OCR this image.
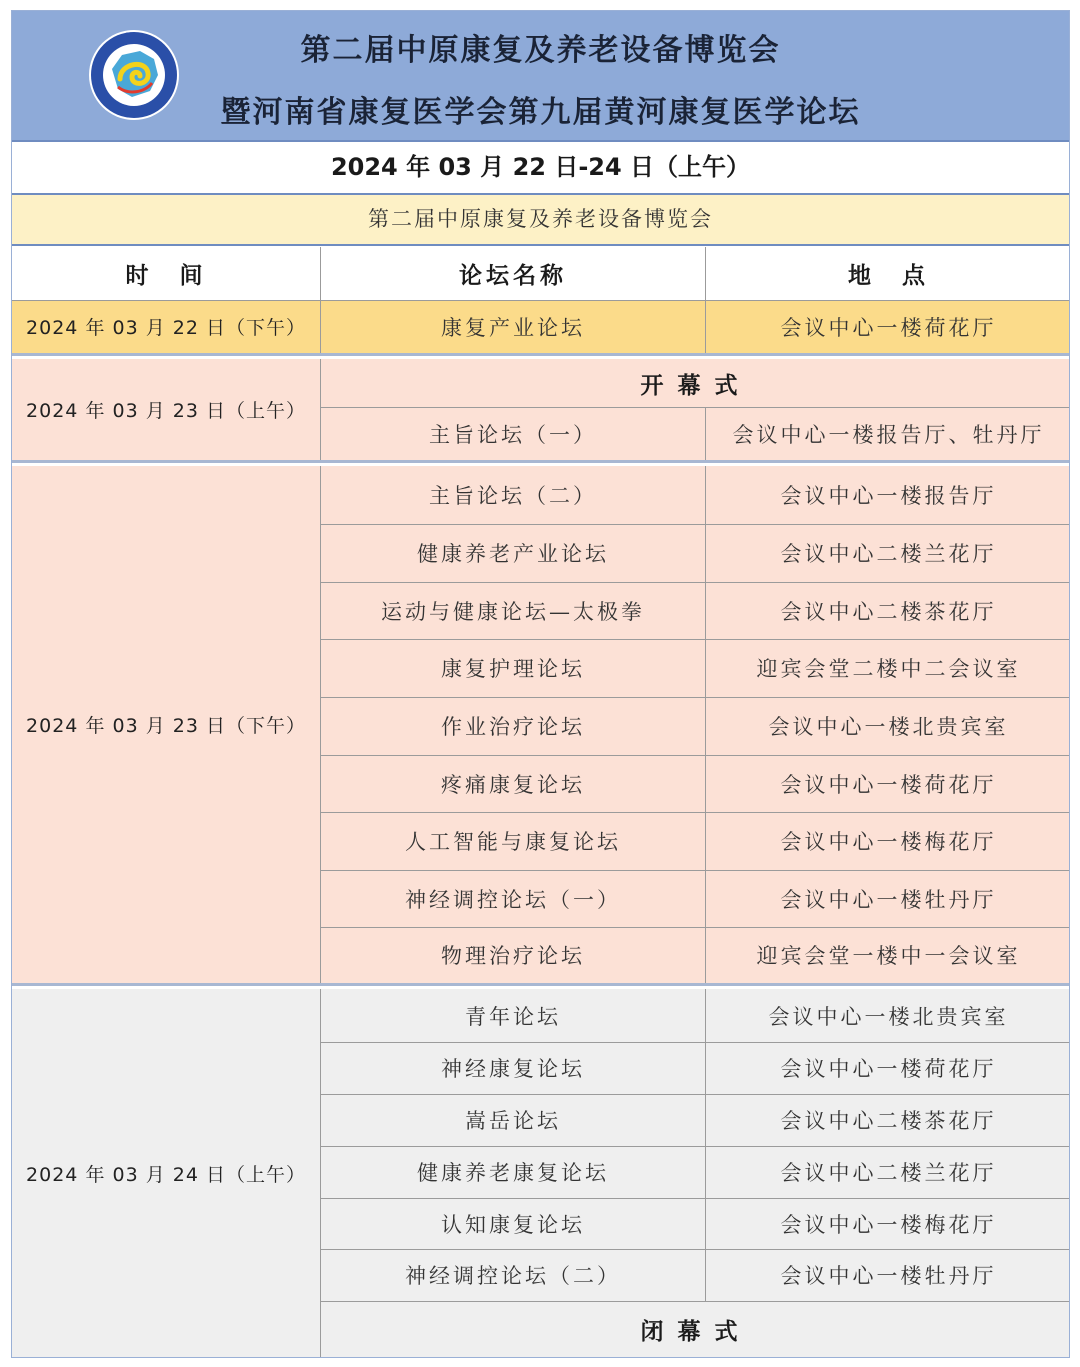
第二届中原康复及养老设备博览会
暨河南省康复医学会第九届黄河康复医学论坛
2024 年 03 月 22 日-24 日（上午）
第二届中原康复及养老设备博览会
时　间	论坛名称	地　点
2024 年 03 月 22 日（下午）	康复产业论坛	会议中心一楼荷花厅
2024 年 03 月 23 日（上午）
开幕式
主旨论坛（一）	会议中心一楼报告厅、牡丹厅
2024 年 03 月 23 日（下午）
主旨论坛（二）	会议中心一楼报告厅
健康养老产业论坛	会议中心二楼兰花厅
运动与健康论坛—太极拳	会议中心二楼茶花厅
康复护理论坛	迎宾会堂二楼中二会议室
作业治疗论坛	会议中心一楼北贵宾室
疼痛康复论坛	会议中心一楼荷花厅
人工智能与康复论坛	会议中心一楼梅花厅
神经调控论坛（一）	会议中心一楼牡丹厅
物理治疗论坛	迎宾会堂一楼中一会议室
2024 年 03 月 24 日（上午）
青年论坛	会议中心一楼北贵宾室
神经康复论坛	会议中心一楼荷花厅
嵩岳论坛	会议中心二楼茶花厅
健康养老康复论坛	会议中心二楼兰花厅
认知康复论坛	会议中心一楼梅花厅
神经调控论坛（二）	会议中心一楼牡丹厅
闭幕式
